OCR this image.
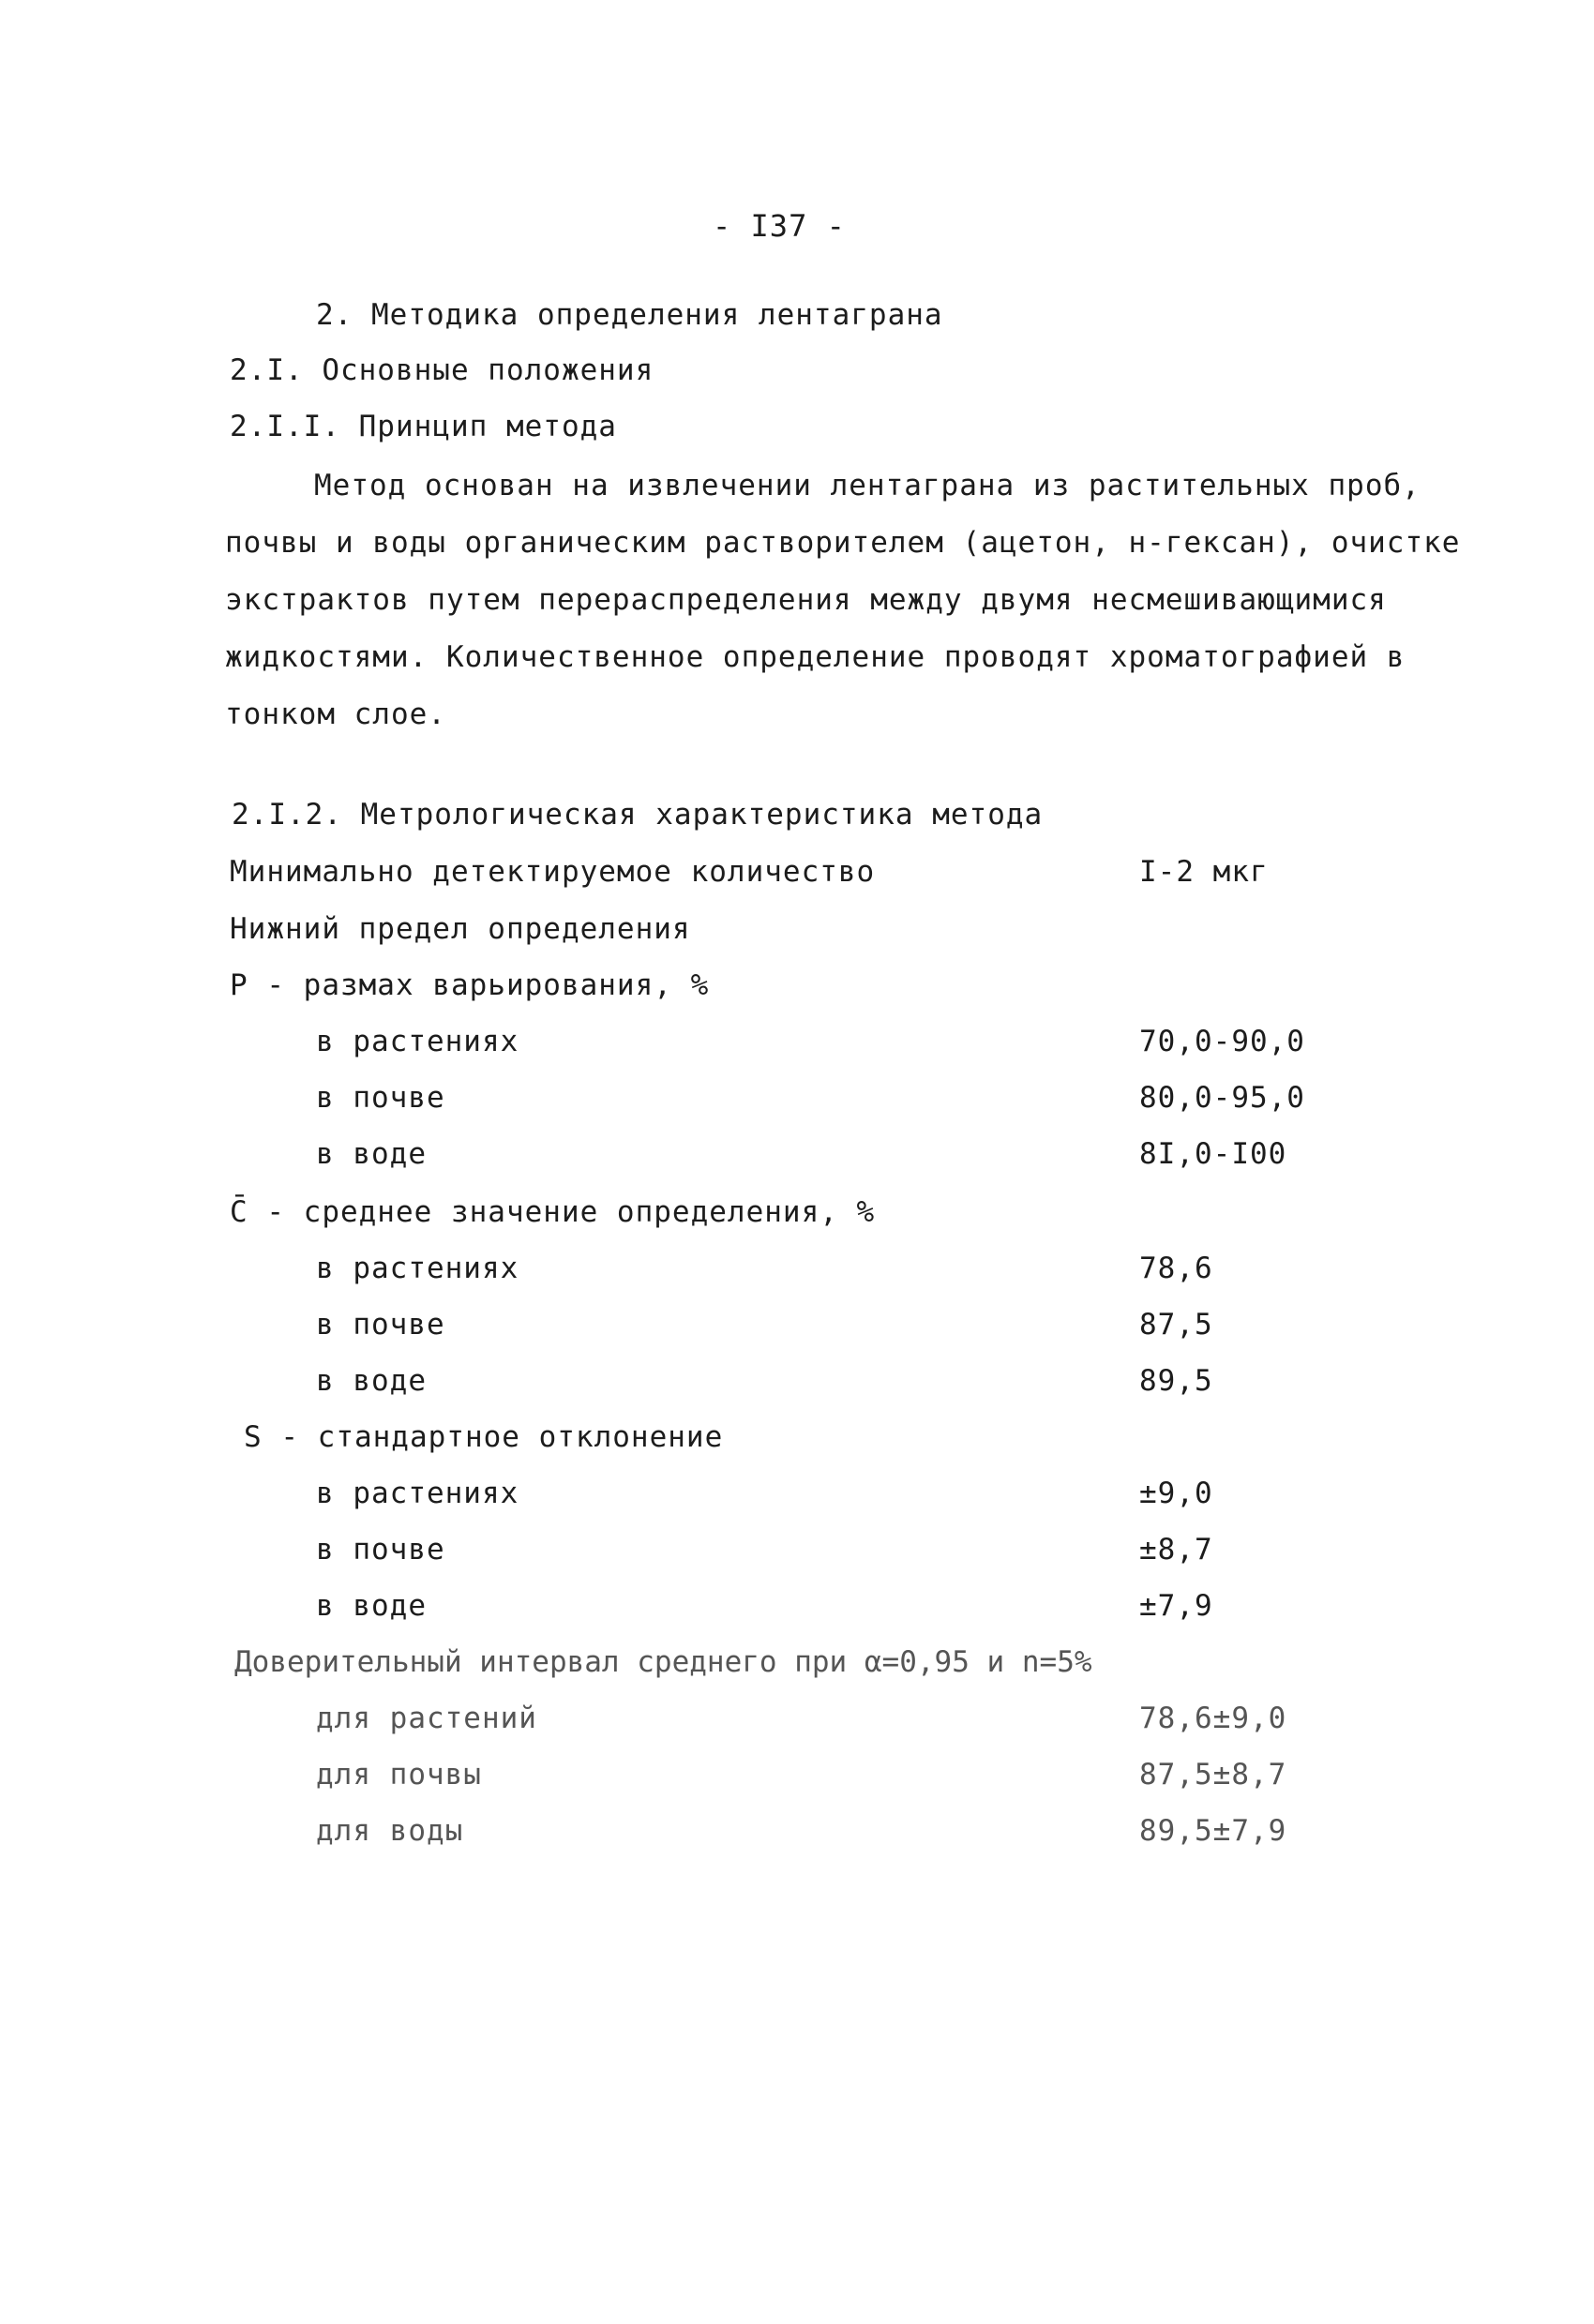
- I37 -
2. Методика определения лентаграна
2.I. Основные положения
2.I.I. Принцип метода
Метод основан на извлечении лентаграна из растительных проб,
почвы и воды органическим растворителем (ацетон, н-гексан), очистке
экстрактов путем перераспределения между двумя несмешивающимися
жидкостями. Количественное определение проводят хроматографией в
тонком слое.
2.I.2. Метрологическая характеристика метода
Минимально детектируемое количество	I-2 мкг
Нижний предел определения
Р - размах варьирования, %
в растениях	70,0-90,0
в почве	80,0-95,0
в воде	8I,0-I00
C̄ - среднее значение определения, %
в растениях	78,6
в почве	87,5
в воде	89,5
S - стандартное отклонение
в растениях	±9,0
в почве	±8,7
в воде	±7,9
Доверительный интервал среднего при α=0,95 и n=5%
для растений	78,6±9,0
для почвы	87,5±8,7
для воды	89,5±7,9
